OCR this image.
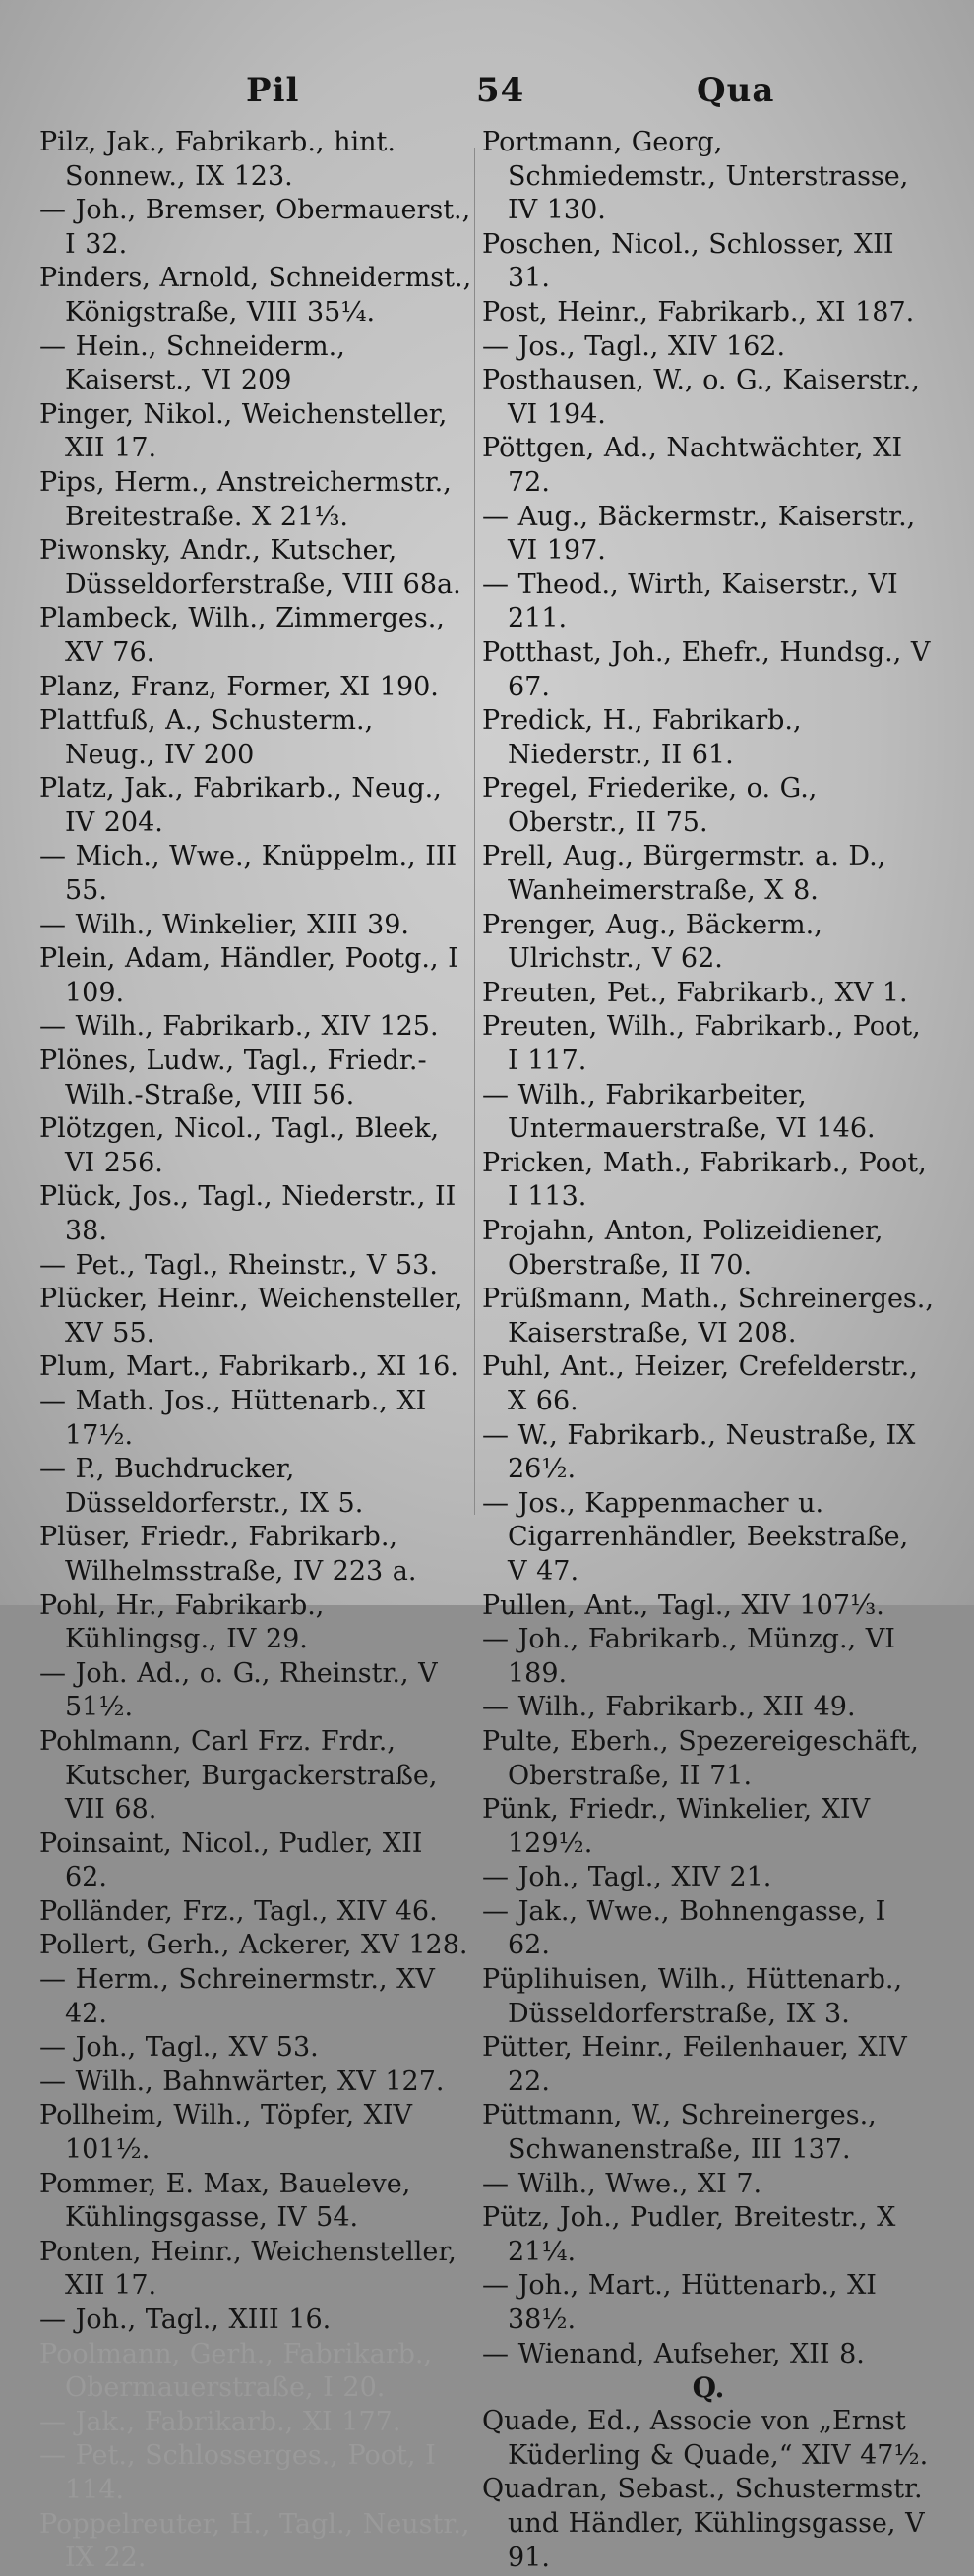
Pil	54	Qua
Pilz, Jak., Fabrikarb., hint. Sonnew., IX 123.
— Joh., Bremser, Obermauerst., I 32.
Pinders, Arnold, Schneidermst., Königstraße, VIII 35¼.
— Hein., Schneiderm., Kaiserst., VI 209
Pinger, Nikol., Weichensteller, XII 17.
Pips, Herm., Anstreichermstr., Breitestraße. X 21⅓.
Piwonsky, Andr., Kutscher, Düsseldorferstraße, VIII 68a.
Plambeck, Wilh., Zimmerges., XV 76.
Planz, Franz, Former, XI 190.
Plattfuß, A., Schusterm., Neug., IV 200
Platz, Jak., Fabrikarb., Neug., IV 204.
— Mich., Wwe., Knüppelm., III 55.
— Wilh., Winkelier, XIII 39.
Plein, Adam, Händler, Pootg., I 109.
— Wilh., Fabrikarb., XIV 125.
Plönes, Ludw., Tagl., Friedr.-Wilh.-Straße, VIII 56.
Plötzgen, Nicol., Tagl., Bleek, VI 256.
Plück, Jos., Tagl., Niederstr., II 38.
— Pet., Tagl., Rheinstr., V 53.
Plücker, Heinr., Weichensteller, XV 55.
Plum, Mart., Fabrikarb., XI 16.
— Math. Jos., Hüttenarb., XI 17½.
— P., Buchdrucker, Düsseldorferstr., IX 5.
Plüser, Friedr., Fabrikarb., Wilhelmsstraße, IV 223 a.
Pohl, Hr., Fabrikarb., Kühlingsg., IV 29.
— Joh. Ad., o. G., Rheinstr., V 51½.
Pohlmann, Carl Frz. Frdr., Kutscher, Burgackerstraße, VII 68.
Poinsaint, Nicol., Pudler, XII 62.
Polländer, Frz., Tagl., XIV 46.
Pollert, Gerh., Ackerer, XV 128.
— Herm., Schreinermstr., XV 42.
— Joh., Tagl., XV 53.
— Wilh., Bahnwärter, XV 127.
Pollheim, Wilh., Töpfer, XIV 101½.
Pommer, E. Max, Baueleve, Kühlingsgasse, IV 54.
Ponten, Heinr., Weichensteller, XII 17.
— Joh., Tagl., XIII 16.
Poolmann, Gerh., Fabrikarb., Obermauerstraße, I 20.
— Jak., Fabrikarb., XI 177.
— Pet., Schlosserges., Poot, I 114.
Poppelreuter, H., Tagl., Neustr., IX 22.
Portmann, Georg, Schmiedemstr., Unterstrasse, IV 130.
Poschen, Nicol., Schlosser, XII 31.
Post, Heinr., Fabrikarb., XI 187.
— Jos., Tagl., XIV 162.
Posthausen, W., o. G., Kaiserstr., VI 194.
Pöttgen, Ad., Nachtwächter, XI 72.
— Aug., Bäckermstr., Kaiserstr., VI 197.
— Theod., Wirth, Kaiserstr., VI 211.
Potthast, Joh., Ehefr., Hundsg., V 67.
Predick, H., Fabrikarb., Niederstr., II 61.
Pregel, Friederike, o. G., Oberstr., II 75.
Prell, Aug., Bürgermstr. a. D., Wanheimerstraße, X 8.
Prenger, Aug., Bäckerm., Ulrichstr., V 62.
Preuten, Pet., Fabrikarb., XV 1.
Preuten, Wilh., Fabrikarb., Poot, I 117.
— Wilh., Fabrikarbeiter, Untermauerstraße, VI 146.
Pricken, Math., Fabrikarb., Poot, I 113.
Projahn, Anton, Polizeidiener, Oberstraße, II 70.
Prüßmann, Math., Schreinerges., Kaiserstraße, VI 208.
Puhl, Ant., Heizer, Crefelderstr., X 66.
— W., Fabrikarb., Neustraße, IX 26½.
— Jos., Kappenmacher u. Cigarrenhändler, Beekstraße, V 47.
Pullen, Ant., Tagl., XIV 107⅓.
— Joh., Fabrikarb., Münzg., VI 189.
— Wilh., Fabrikarb., XII 49.
Pulte, Eberh., Spezereigeschäft, Oberstraße, II 71.
Pünk, Friedr., Winkelier, XIV 129½.
— Joh., Tagl., XIV 21.
— Jak., Wwe., Bohnengasse, I 62.
Püplihuisen, Wilh., Hüttenarb., Düsseldorferstraße, IX 3.
Pütter, Heinr., Feilenhauer, XIV 22.
Püttmann, W., Schreinerges., Schwanenstraße, III 137.
— Wilh., Wwe., XI 7.
Pütz, Joh., Pudler, Breitestr., X 21¼.
— Joh., Mart., Hüttenarb., XI 38½.
— Wienand, Aufseher, XII 8.
Q.
Quade, Ed., Associe von „Ernst Küderling & Quade,“ XIV 47½.
Quadran, Sebast., Schustermstr. und Händler, Kühlingsgasse, V 91.
